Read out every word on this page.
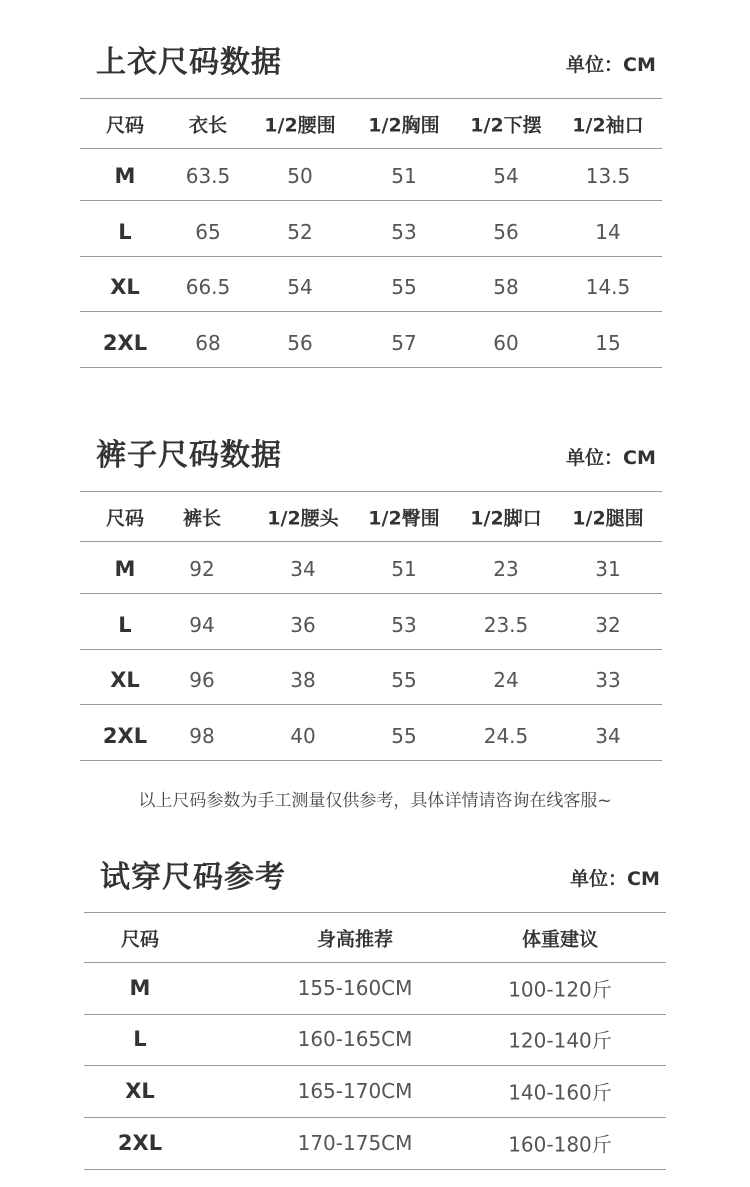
上衣尺码数据	单位：CM
尺码 衣长 1/2腰围 1/2胸围 1/2下摆 1/2袖口
M	63.5	50	51	54	13.5
L	65	52	53	56	14
XL 66.5	54	55	58	14.5
2XL 68	56	57	60	15
裤子尺码数据	单位：CM
尺码 裤长 1/2腰头 1/2臀围 1/2脚口 1/2腿围
M	92	34	51	23	31
L	94	36	53	23.5	32
XL 96	38	55	24	33
2XL 98	40	55	24.5	34
以上尺码参数为手工测量仅供参考，具体详情请咨询在线客服~
试穿尺码参考	单位：CM
尺码	身高推荐	体重建议
M	155-160CM	100-120斤
L	160-165CM	120-140斤
XL	165-170CM	140-160斤
2XL	170-175CM	160-180斤
